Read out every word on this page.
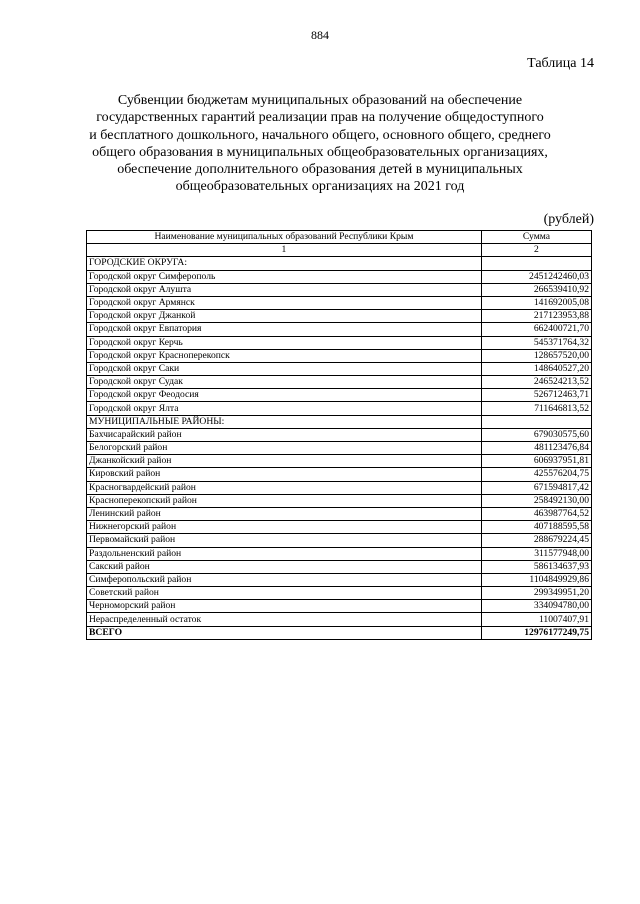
884
Таблица 14
Субвенции бюджетам муниципальных образований на обеспечение
государственных гарантий реализации прав на получение общедоступного
и бесплатного дошкольного, начального общего, основного общего, среднего
общего образования в муниципальных общеобразовательных организациях,
обеспечение дополнительного образования детей в муниципальных
общеобразовательных организациях на 2021 год
(рублей)
Наименование муниципальных образований Республики Крым	Сумма
1	2
ГОРОДСКИЕ ОКРУГА:	
Городской округ Симферополь	2451242460,03
Городской округ Алушта	266539410,92
Городской округ Армянск	141692005,08
Городской округ Джанкой	217123953,88
Городской округ Евпатория	662400721,70
Городской округ Керчь	545371764,32
Городской округ Красноперекопск	128657520,00
Городской округ Саки	148640527,20
Городской округ Судак	246524213,52
Городской округ Феодосия	526712463,71
Городской округ Ялта	711646813,52
МУНИЦИПАЛЬНЫЕ РАЙОНЫ:	
Бахчисарайский район	679030575,60
Белогорский район	481123476,84
Джанкойский район	606937951,81
Кировский район	425576204,75
Красногвардейский район	671594817,42
Красноперекопский район	258492130,00
Ленинский район	463987764,52
Нижнегорский район	407188595,58
Первомайский район	288679224,45
Раздольненский район	311577948,00
Сакский район	586134637,93
Симферопольский район	1104849929,86
Советский район	299349951,20
Черноморский район	334094780,00
Нераспределенный остаток	11007407,91
ВСЕГО	12976177249,75
